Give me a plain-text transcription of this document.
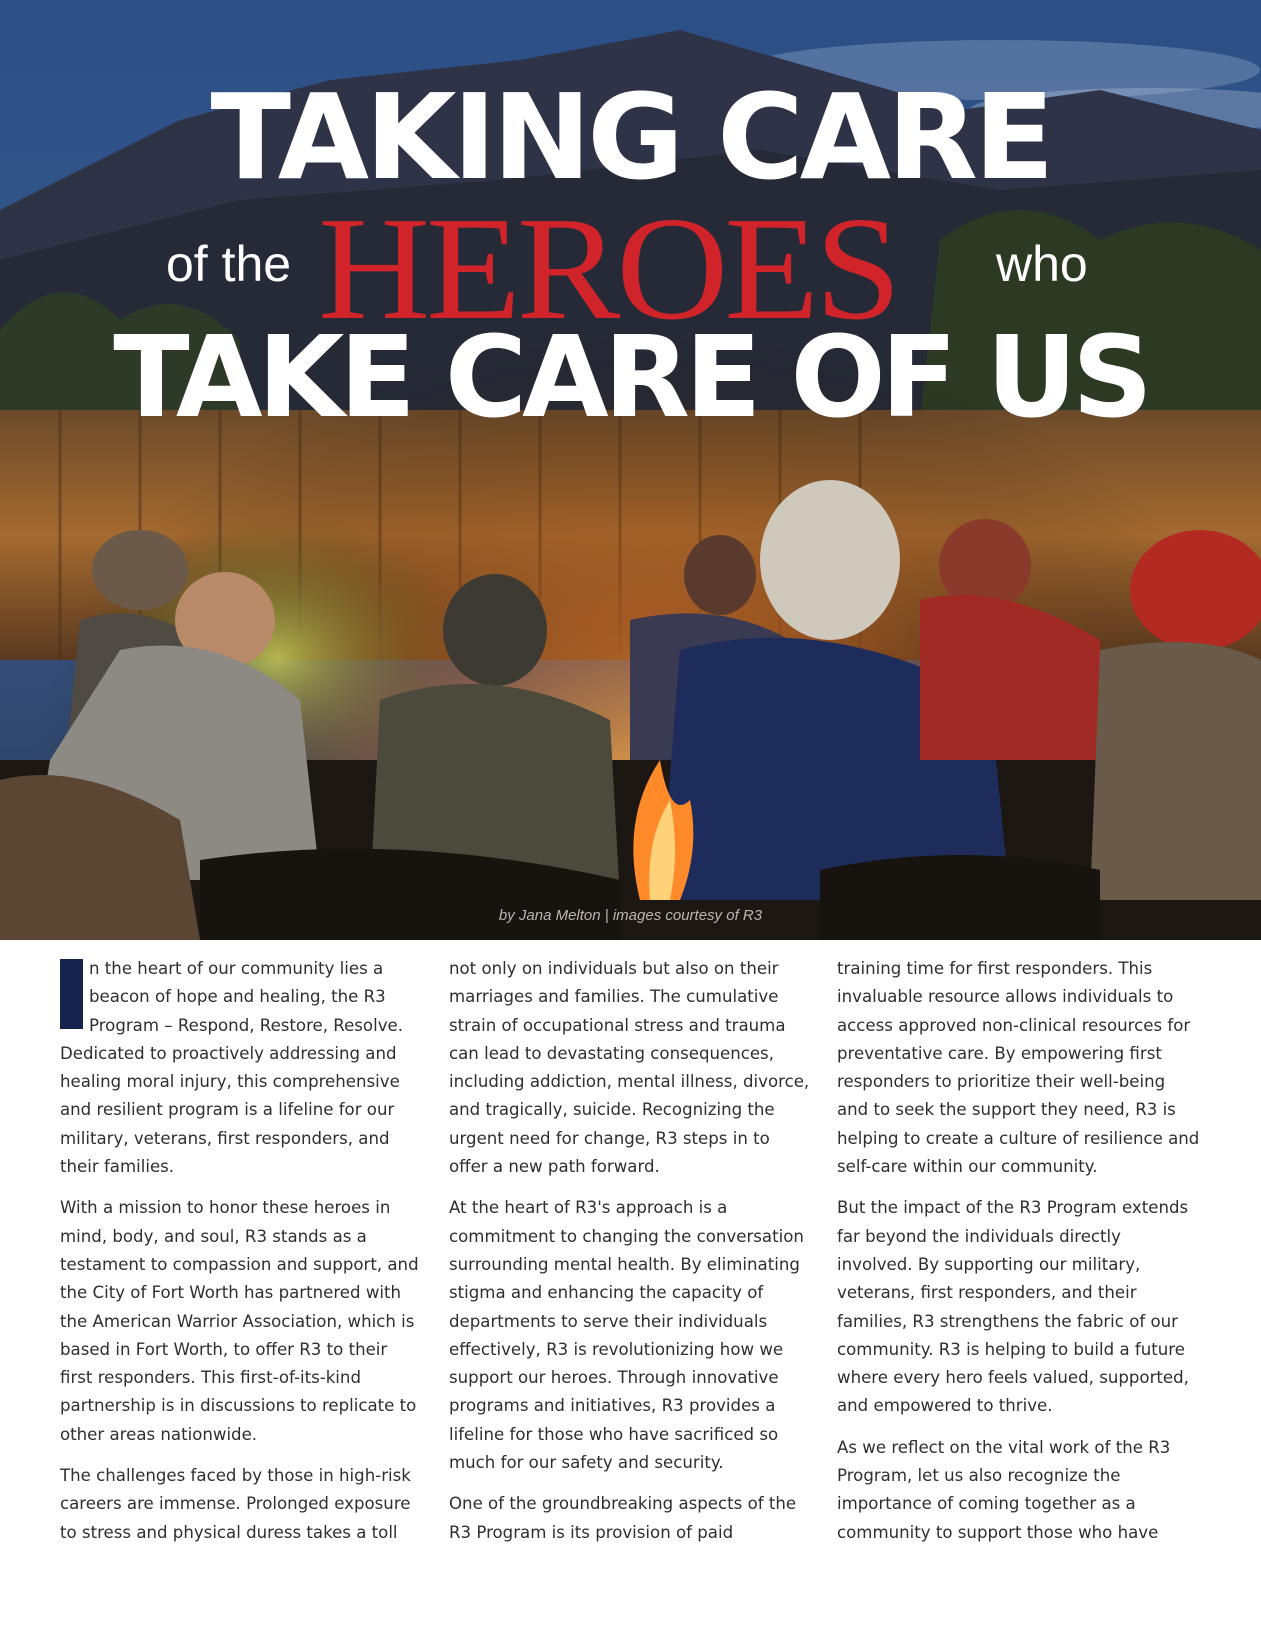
TAKING CARE
of the HEROES who
TAKE CARE OF US
by Jana Melton | images courtesy of R3

I	n the heart of our community lies a beacon of hope and healing, the R3 Program – Respond, Restore, Resolve. Dedicated to proactively addressing and healing moral injury, this comprehensive and resilient program is a lifeline for our military, veterans, first responders, and their families.

With a mission to honor these heroes in mind, body, and soul, R3 stands as a testament to compassion and support, and the City of Fort Worth has partnered with the American Warrior Association, which is based in Fort Worth, to offer R3 to their first responders. This first-of-its-kind partnership is in discussions to replicate to other areas nationwide.

The challenges faced by those in high-risk careers are immense. Prolonged exposure to stress and physical duress takes a toll

not only on individuals but also on their marriages and families. The cumulative strain of occupational stress and trauma can lead to devastating consequences, including addiction, mental illness, divorce, and tragically, suicide. Recognizing the urgent need for change, R3 steps in to offer a new path forward.

At the heart of R3's approach is a commitment to changing the conversation surrounding mental health. By eliminating stigma and enhancing the capacity of departments to serve their individuals effectively, R3 is revolutionizing how we support our heroes. Through innovative programs and initiatives, R3 provides a lifeline for those who have sacrificed so much for our safety and security.

One of the groundbreaking aspects of the R3 Program is its provision of paid

training time for first responders. This invaluable resource allows individuals to access approved non-clinical resources for preventative care. By empowering first responders to prioritize their well-being and to seek the support they need, R3 is helping to create a culture of resilience and self-care within our community.

But the impact of the R3 Program extends far beyond the individuals directly involved. By supporting our military, veterans, first responders, and their families, R3 strengthens the fabric of our community. R3 is helping to build a future where every hero feels valued, supported, and empowered to thrive.

As we reflect on the vital work of the R3 Program, let us also recognize the importance of coming together as a community to support those who have
